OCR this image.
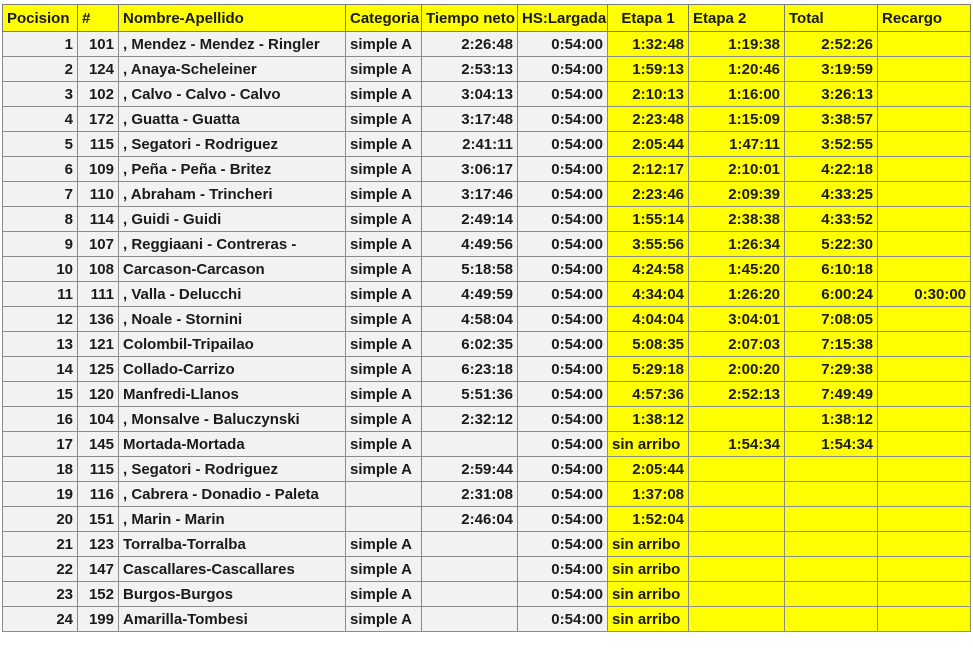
Pocision	#	Nombre-Apellido	Categoria	Tiempo neto	HS:Largada	Etapa 1	Etapa 2	Total	Recargo
1	101	, Mendez - Mendez - Ringler	simple A	2:26:48	0:54:00	1:32:48	1:19:38	2:52:26	
2	124	, Anaya-Scheleiner	simple A	2:53:13	0:54:00	1:59:13	1:20:46	3:19:59	
3	102	, Calvo - Calvo - Calvo	simple A	3:04:13	0:54:00	2:10:13	1:16:00	3:26:13	
4	172	, Guatta - Guatta	simple A	3:17:48	0:54:00	2:23:48	1:15:09	3:38:57	
5	115	, Segatori - Rodriguez	simple A	2:41:11	0:54:00	2:05:44	1:47:11	3:52:55	
6	109	, Peña - Peña - Britez	simple A	3:06:17	0:54:00	2:12:17	2:10:01	4:22:18	
7	110	, Abraham - Trincheri	simple A	3:17:46	0:54:00	2:23:46	2:09:39	4:33:25	
8	114	, Guidi - Guidi	simple A	2:49:14	0:54:00	1:55:14	2:38:38	4:33:52	
9	107	, Reggiaani - Contreras -	simple A	4:49:56	0:54:00	3:55:56	1:26:34	5:22:30	
10	108	Carcason-Carcason	simple A	5:18:58	0:54:00	4:24:58	1:45:20	6:10:18	
11	111	, Valla - Delucchi	simple A	4:49:59	0:54:00	4:34:04	1:26:20	6:00:24	0:30:00
12	136	, Noale - Stornini	simple A	4:58:04	0:54:00	4:04:04	3:04:01	7:08:05	
13	121	Colombil-Tripailao	simple A	6:02:35	0:54:00	5:08:35	2:07:03	7:15:38	
14	125	Collado-Carrizo	simple A	6:23:18	0:54:00	5:29:18	2:00:20	7:29:38	
15	120	Manfredi-Llanos	simple A	5:51:36	0:54:00	4:57:36	2:52:13	7:49:49	
16	104	, Monsalve - Baluczynski	simple A	2:32:12	0:54:00	1:38:12		1:38:12	
17	145	Mortada-Mortada	simple A		0:54:00	sin arribo	1:54:34	1:54:34	
18	115	, Segatori - Rodriguez	simple A	2:59:44	0:54:00	2:05:44			
19	116	, Cabrera - Donadio - Paleta		2:31:08	0:54:00	1:37:08			
20	151	, Marin - Marin		2:46:04	0:54:00	1:52:04			
21	123	Torralba-Torralba	simple A		0:54:00	sin arribo			
22	147	Cascallares-Cascallares	simple A		0:54:00	sin arribo			
23	152	Burgos-Burgos	simple A		0:54:00	sin arribo			
24	199	Amarilla-Tombesi	simple A		0:54:00	sin arribo			
